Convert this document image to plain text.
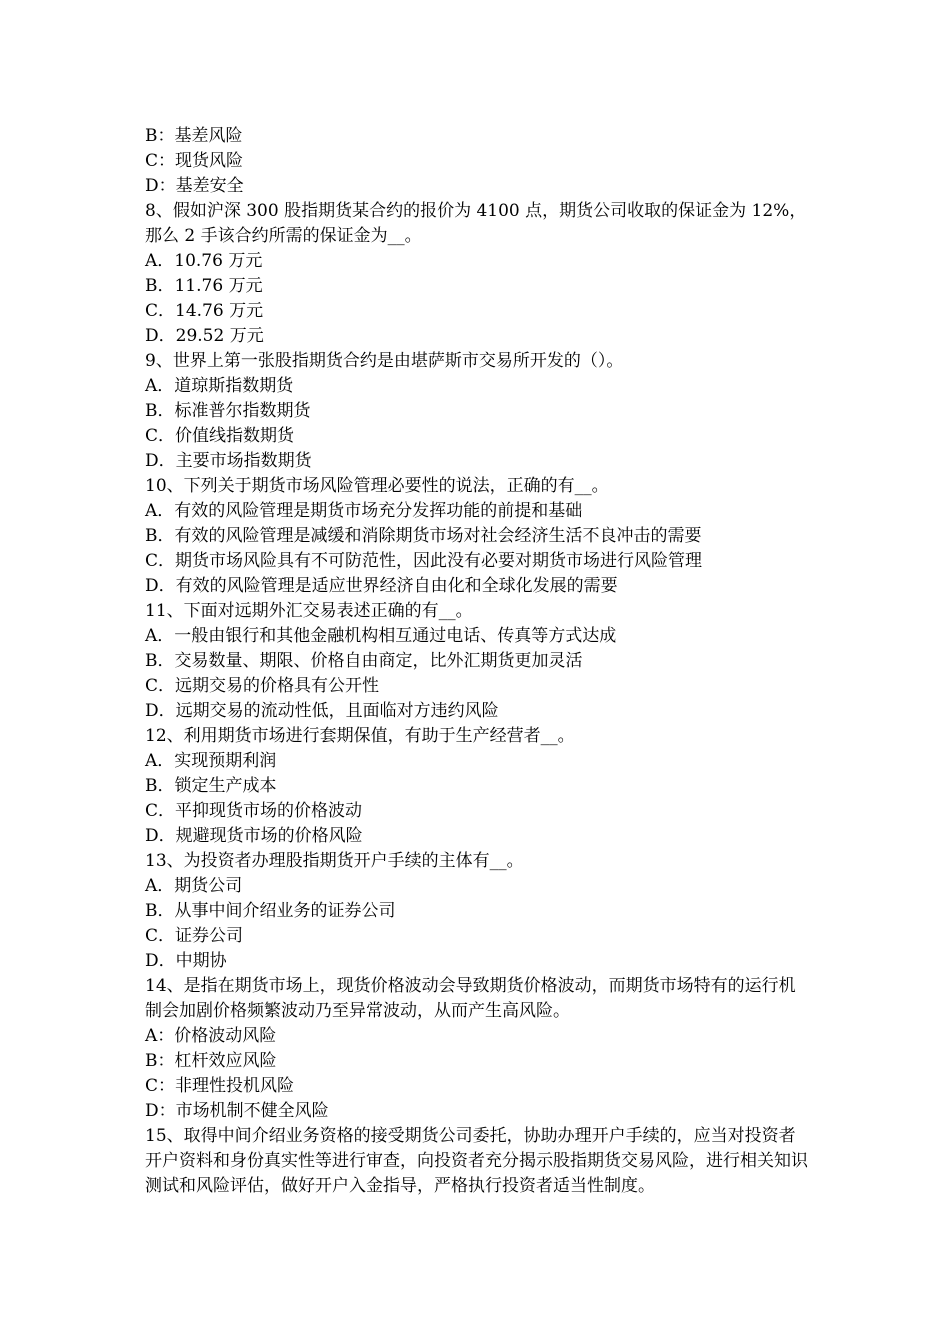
B：基差风险
C：现货风险
D：基差安全
8、假如沪深 300 股指期货某合约的报价为 4100 点，期货公司收取的保证金为 12%，那么 2 手该合约所需的保证金为__。
A．10.76 万元
B．11.76 万元
C．14.76 万元
D．29.52 万元
9、世界上第一张股指期货合约是由堪萨斯市交易所开发的（）。
A．道琼斯指数期货
B．标准普尔指数期货
C．价值线指数期货
D．主要市场指数期货
10、下列关于期货市场风险管理必要性的说法，正确的有__。
A．有效的风险管理是期货市场充分发挥功能的前提和基础
B．有效的风险管理是减缓和消除期货市场对社会经济生活不良冲击的需要
C．期货市场风险具有不可防范性，因此没有必要对期货市场进行风险管理
D．有效的风险管理是适应世界经济自由化和全球化发展的需要
11、下面对远期外汇交易表述正确的有__。
A．一般由银行和其他金融机构相互通过电话、传真等方式达成
B．交易数量、期限、价格自由商定，比外汇期货更加灵活
C．远期交易的价格具有公开性
D．远期交易的流动性低，且面临对方违约风险
12、利用期货市场进行套期保值，有助于生产经营者__。
A．实现预期利润
B．锁定生产成本
C．平抑现货市场的价格波动
D．规避现货市场的价格风险
13、为投资者办理股指期货开户手续的主体有__。
A．期货公司
B．从事中间介绍业务的证券公司
C．证券公司
D．中期协
14、是指在期货市场上，现货价格波动会导致期货价格波动，而期货市场特有的运行机制会加剧价格频繁波动乃至异常波动，从而产生高风险。
A：价格波动风险
B：杠杆效应风险
C：非理性投机风险
D：市场机制不健全风险
15、取得中间介绍业务资格的接受期货公司委托，协助办理开户手续的，应当对投资者开户资料和身份真实性等进行审查，向投资者充分揭示股指期货交易风险，进行相关知识测试和风险评估，做好开户入金指导，严格执行投资者适当性制度。
